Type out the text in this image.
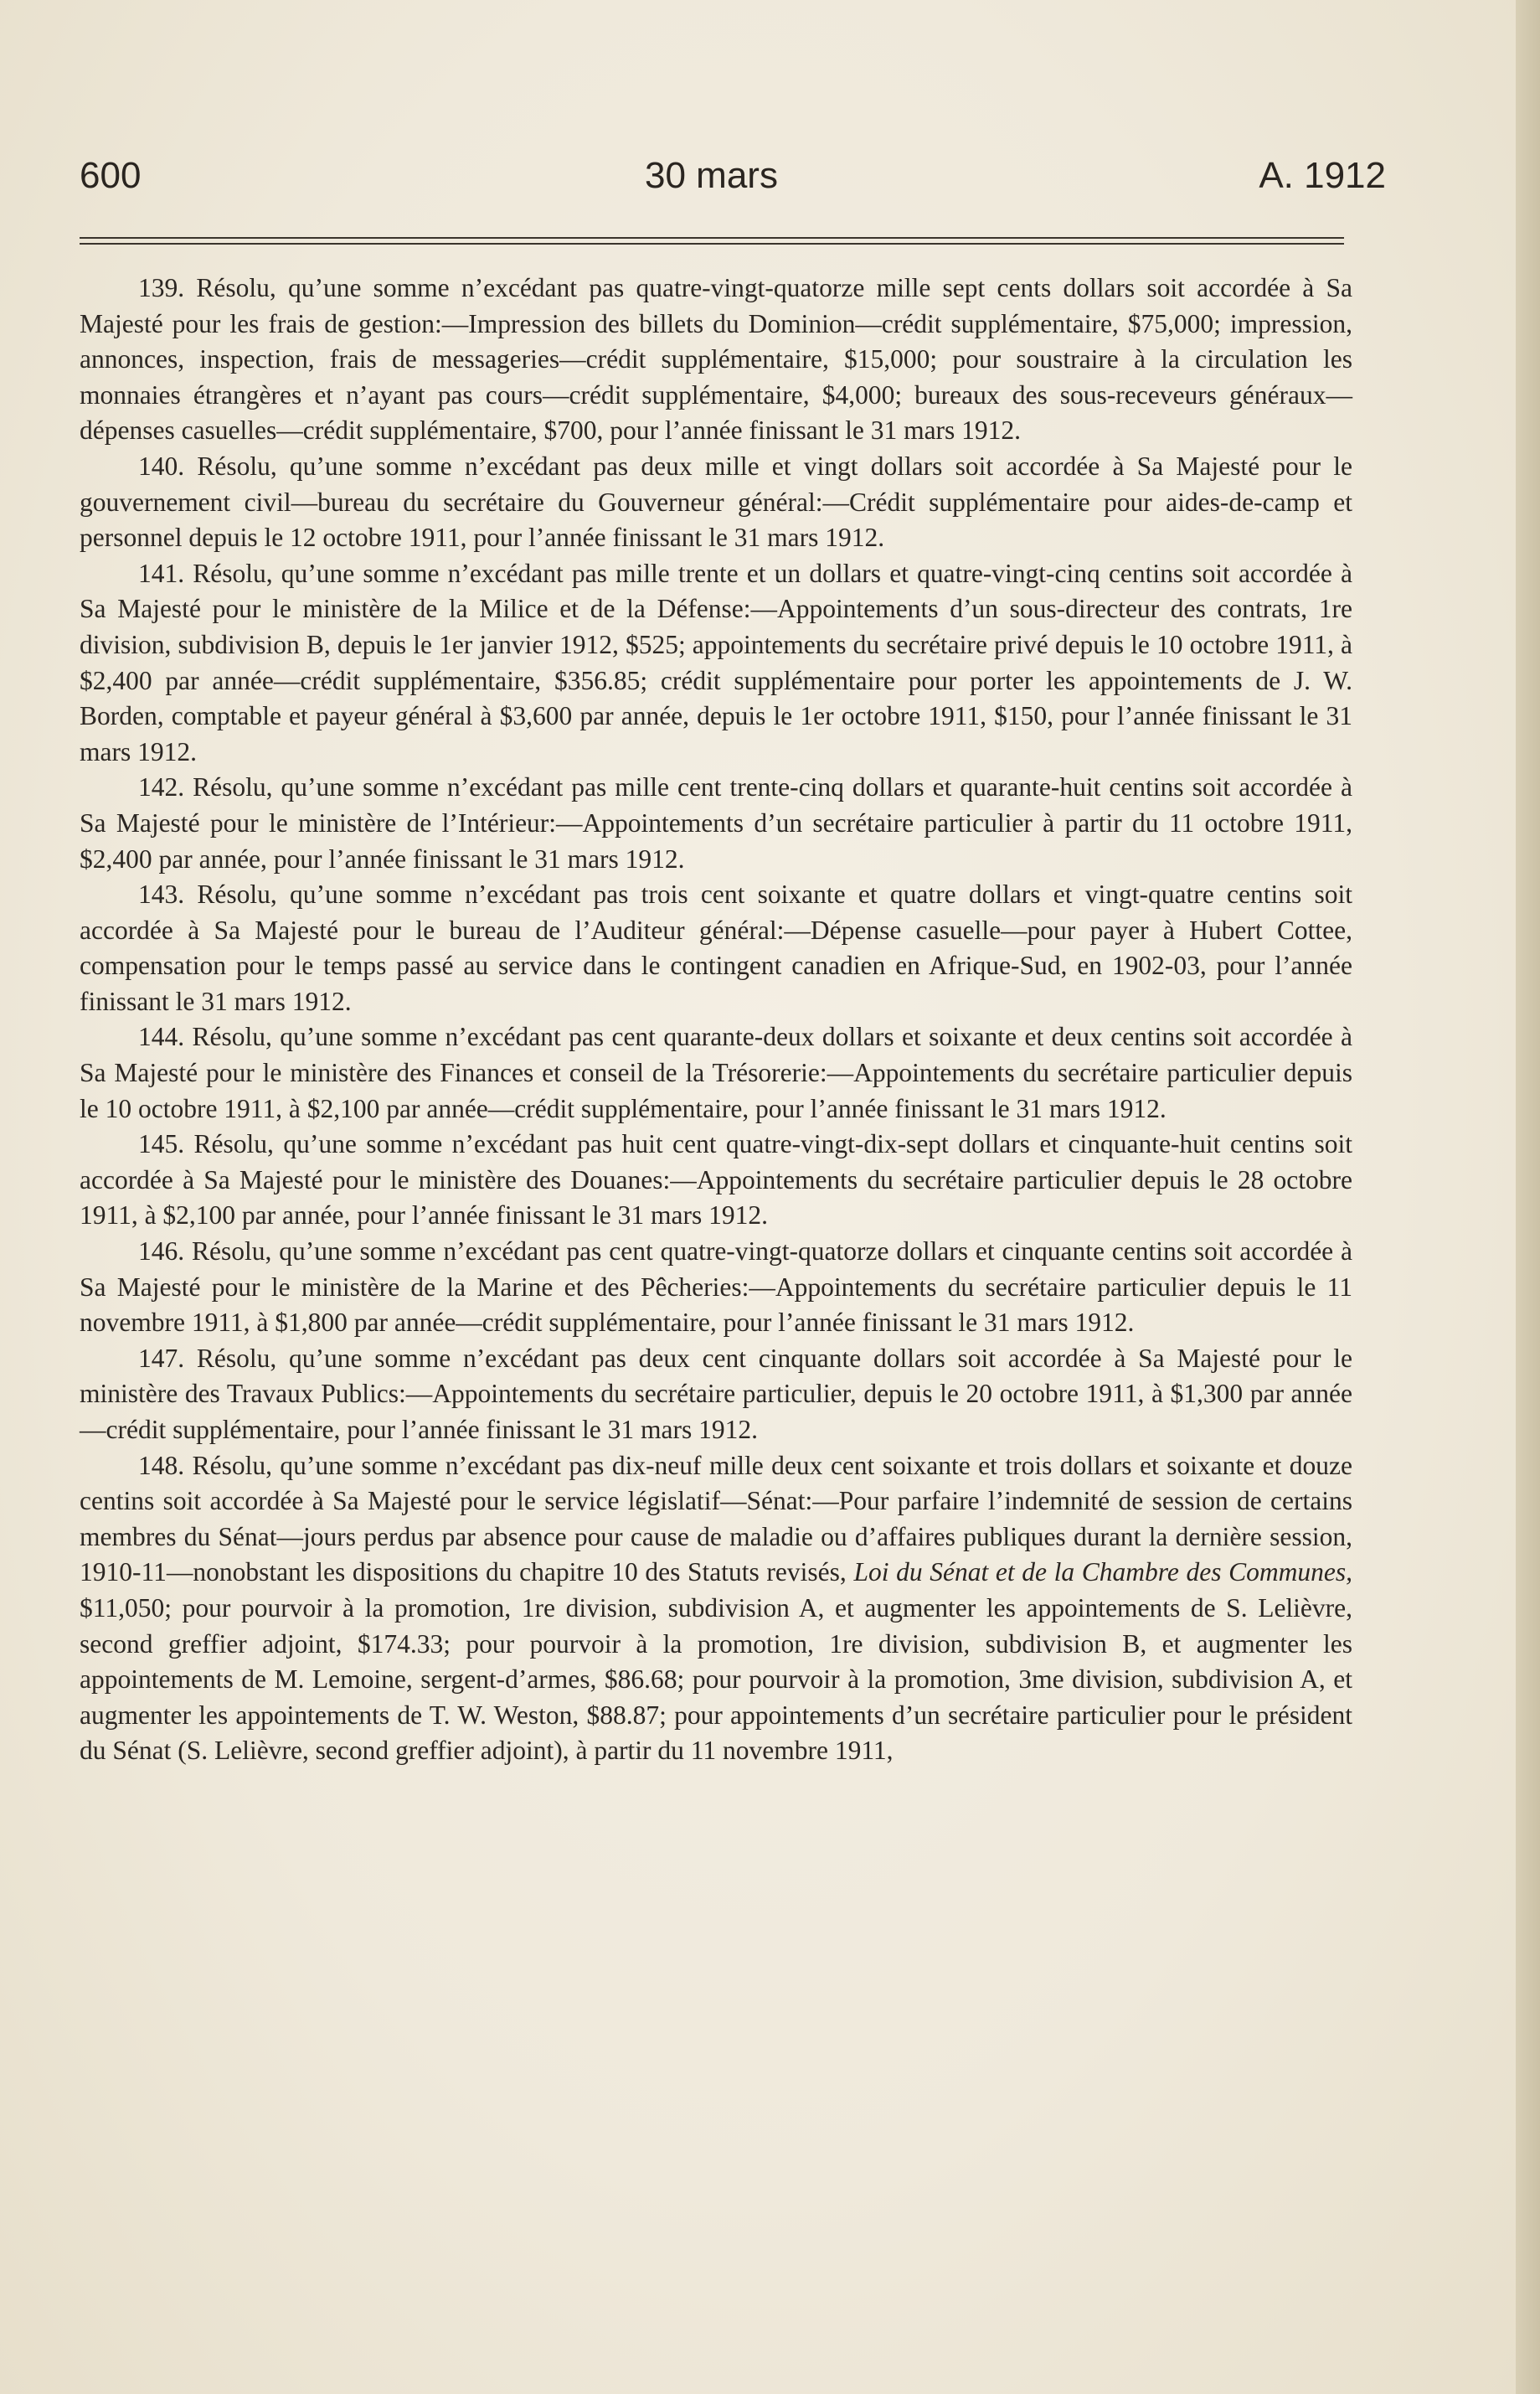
600	30 mars	A. 1912

139. Résolu, qu’une somme n’excédant pas quatre-vingt-quatorze mille sept cents dollars soit accordée à Sa Majesté pour les frais de gestion:—Impression des billets du Dominion—crédit supplémentaire, $75,000; impression, annonces, inspection, frais de messageries—crédit supplémentaire, $15,000; pour soustraire à la circulation les monnaies étrangères et n’ayant pas cours—crédit supplémentaire, $4,000; bureaux des sous-receveurs généraux—dépenses casuelles—crédit supplémentaire, $700, pour l’année finissant le 31 mars 1912.

140. Résolu, qu’une somme n’excédant pas deux mille et vingt dollars soit accordée à Sa Majesté pour le gouvernement civil—bureau du secrétaire du Gouverneur général:—Crédit supplémentaire pour aides-de-camp et personnel depuis le 12 octobre 1911, pour l’année finissant le 31 mars 1912.

141. Résolu, qu’une somme n’excédant pas mille trente et un dollars et quatre-vingt-cinq centins soit accordée à Sa Majesté pour le ministère de la Milice et de la Défense:—Appointements d’un sous-directeur des contrats, 1re division, subdivision B, depuis le 1er janvier 1912, $525; appointements du secrétaire privé depuis le 10 octobre 1911, à $2,400 par année—crédit supplémentaire, $356.85; crédit supplémentaire pour porter les appointements de J. W. Borden, comptable et payeur général à $3,600 par année, depuis le 1er octobre 1911, $150, pour l’année finissant le 31 mars 1912.

142. Résolu, qu’une somme n’excédant pas mille cent trente-cinq dollars et quarante-huit centins soit accordée à Sa Majesté pour le ministère de l’Intérieur:—Appointements d’un secrétaire particulier à partir du 11 octobre 1911, $2,400 par année, pour l’année finissant le 31 mars 1912.

143. Résolu, qu’une somme n’excédant pas trois cent soixante et quatre dollars et vingt-quatre centins soit accordée à Sa Majesté pour le bureau de l’Auditeur général:—Dépense casuelle—pour payer à Hubert Cottee, compensation pour le temps passé au service dans le contingent canadien en Afrique-Sud, en 1902-03, pour l’année finissant le 31 mars 1912.

144. Résolu, qu’une somme n’excédant pas cent quarante-deux dollars et soixante et deux centins soit accordée à Sa Majesté pour le ministère des Finances et conseil de la Trésorerie:—Appointements du secrétaire particulier depuis le 10 octobre 1911, à $2,100 par année—crédit supplémentaire, pour l’année finissant le 31 mars 1912.

145. Résolu, qu’une somme n’excédant pas huit cent quatre-vingt-dix-sept dollars et cinquante-huit centins soit accordée à Sa Majesté pour le ministère des Douanes:—Appointements du secrétaire particulier depuis le 28 octobre 1911, à $2,100 par année, pour l’année finissant le 31 mars 1912.

146. Résolu, qu’une somme n’excédant pas cent quatre-vingt-quatorze dollars et cinquante centins soit accordée à Sa Majesté pour le ministère de la Marine et des Pêcheries:—Appointements du secrétaire particulier depuis le 11 novembre 1911, à $1,800 par année—crédit supplémentaire, pour l’année finissant le 31 mars 1912.

147. Résolu, qu’une somme n’excédant pas deux cent cinquante dollars soit accordée à Sa Majesté pour le ministère des Travaux Publics:—Appointements du secrétaire particulier, depuis le 20 octobre 1911, à $1,300 par année—crédit supplémentaire, pour l’année finissant le 31 mars 1912.

148. Résolu, qu’une somme n’excédant pas dix-neuf mille deux cent soixante et trois dollars et soixante et douze centins soit accordée à Sa Majesté pour le service législatif—Sénat:—Pour parfaire l’indemnité de session de certains membres du Sénat—jours perdus par absence pour cause de maladie ou d’affaires publiques durant la dernière session, 1910-11—nonobstant les dispositions du chapitre 10 des Statuts revisés, Loi du Sénat et de la Chambre des Communes, $11,050; pour pourvoir à la promotion, 1re division, subdivision A, et augmenter les appointements de S. Lelièvre, second greffier adjoint, $174.33; pour pourvoir à la promotion, 1re division, subdivision B, et augmenter les appointements de M. Lemoine, sergent-d’armes, $86.68; pour pourvoir à la promotion, 3me division, subdivision A, et augmenter les appointements de T. W. Weston, $88.87; pour appointements d’un secrétaire particulier pour le président du Sénat (S. Lelièvre, second greffier adjoint), à partir du 11 novembre 1911,
